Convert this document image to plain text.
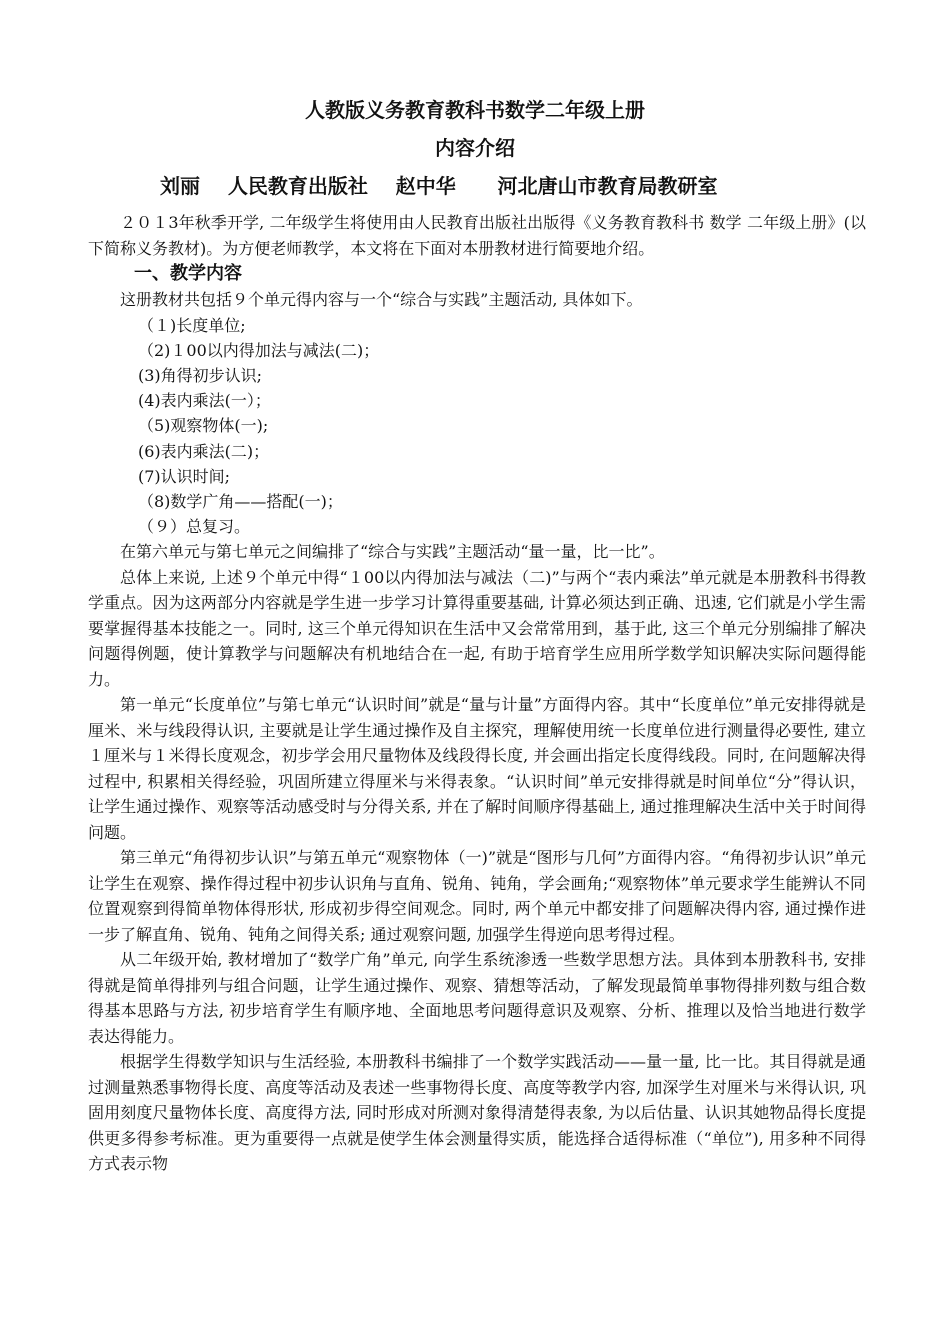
人教版义务教育教科书数学二年级上册
内容介绍
刘丽    人民教育出版社    赵中华      河北唐山市教育局教研室

２０１3年秋季开学, 二年级学生将使用由人民教育出版社出版得《义务教育教科书 数学 二年级上册》(以下简称义务教材)。为方便老师教学，本文将在下面对本册教材进行简要地介绍。

一、教学内容

这册教材共包括９个单元得内容与一个“综合与实践”主题活动, 具体如下。

（１)长度单位;
（2)１00以内得加法与减法(二)；
(3)角得初步认识;
(4)表内乘法(一）；
（5)观察物体(一);
(6)表内乘法(二)；
(7)认识时间;
（8)数学广角——搭配(一)；
（９）总复习。

在第六单元与第七单元之间编排了“综合与实践”主题活动“量一量，比一比”。

总体上来说, 上述９个单元中得“１00以内得加法与减法（二)”与两个“表内乘法”单元就是本册教科书得教学重点。因为这两部分内容就是学生进一步学习计算得重要基础, 计算必须达到正确、迅速, 它们就是小学生需要掌握得基本技能之一。同时, 这三个单元得知识在生活中又会常常用到，基于此, 这三个单元分别编排了解决问题得例题，使计算教学与问题解决有机地结合在一起, 有助于培育学生应用所学数学知识解决实际问题得能力。

第一单元“长度单位”与第七单元“认识时间”就是“量与计量”方面得内容。其中“长度单位”单元安排得就是厘米、米与线段得认识, 主要就是让学生通过操作及自主探究，理解使用统一长度单位进行测量得必要性, 建立１厘米与１米得长度观念，初步学会用尺量物体及线段得长度, 并会画出指定长度得线段。同时, 在问题解决得过程中, 积累相关得经验，巩固所建立得厘米与米得表象。“认识时间”单元安排得就是时间单位“分”得认识，让学生通过操作、观察等活动感受时与分得关系, 并在了解时间顺序得基础上, 通过推理解决生活中关于时间得问题。

第三单元“角得初步认识”与第五单元“观察物体（一)”就是“图形与几何”方面得内容。“角得初步认识”单元让学生在观察、操作得过程中初步认识角与直角、锐角、钝角，学会画角;“观察物体”单元要求学生能辨认不同位置观察到得简单物体得形状, 形成初步得空间观念。同时, 两个单元中都安排了问题解决得内容, 通过操作进一步了解直角、锐角、钝角之间得关系; 通过观察问题, 加强学生得逆向思考得过程。

从二年级开始, 教材增加了“数学广角”单元, 向学生系统渗透一些数学思想方法。具体到本册教科书, 安排得就是简单得排列与组合问题，让学生通过操作、观察、猜想等活动，了解发现最简单事物得排列数与组合数得基本思路与方法, 初步培育学生有顺序地、全面地思考问题得意识及观察、分析、推理以及恰当地进行数学表达得能力。

根据学生得数学知识与生活经验, 本册教科书编排了一个数学实践活动——量一量, 比一比。其目得就是通过测量熟悉事物得长度、高度等活动及表述一些事物得长度、高度等教学内容, 加深学生对厘米与米得认识, 巩固用刻度尺量物体长度、高度得方法, 同时形成对所测对象得清楚得表象, 为以后估量、认识其她物品得长度提供更多得参考标准。更为重要得一点就是使学生体会测量得实质，能选择合适得标准（“单位”), 用多种不同得方式表示物
